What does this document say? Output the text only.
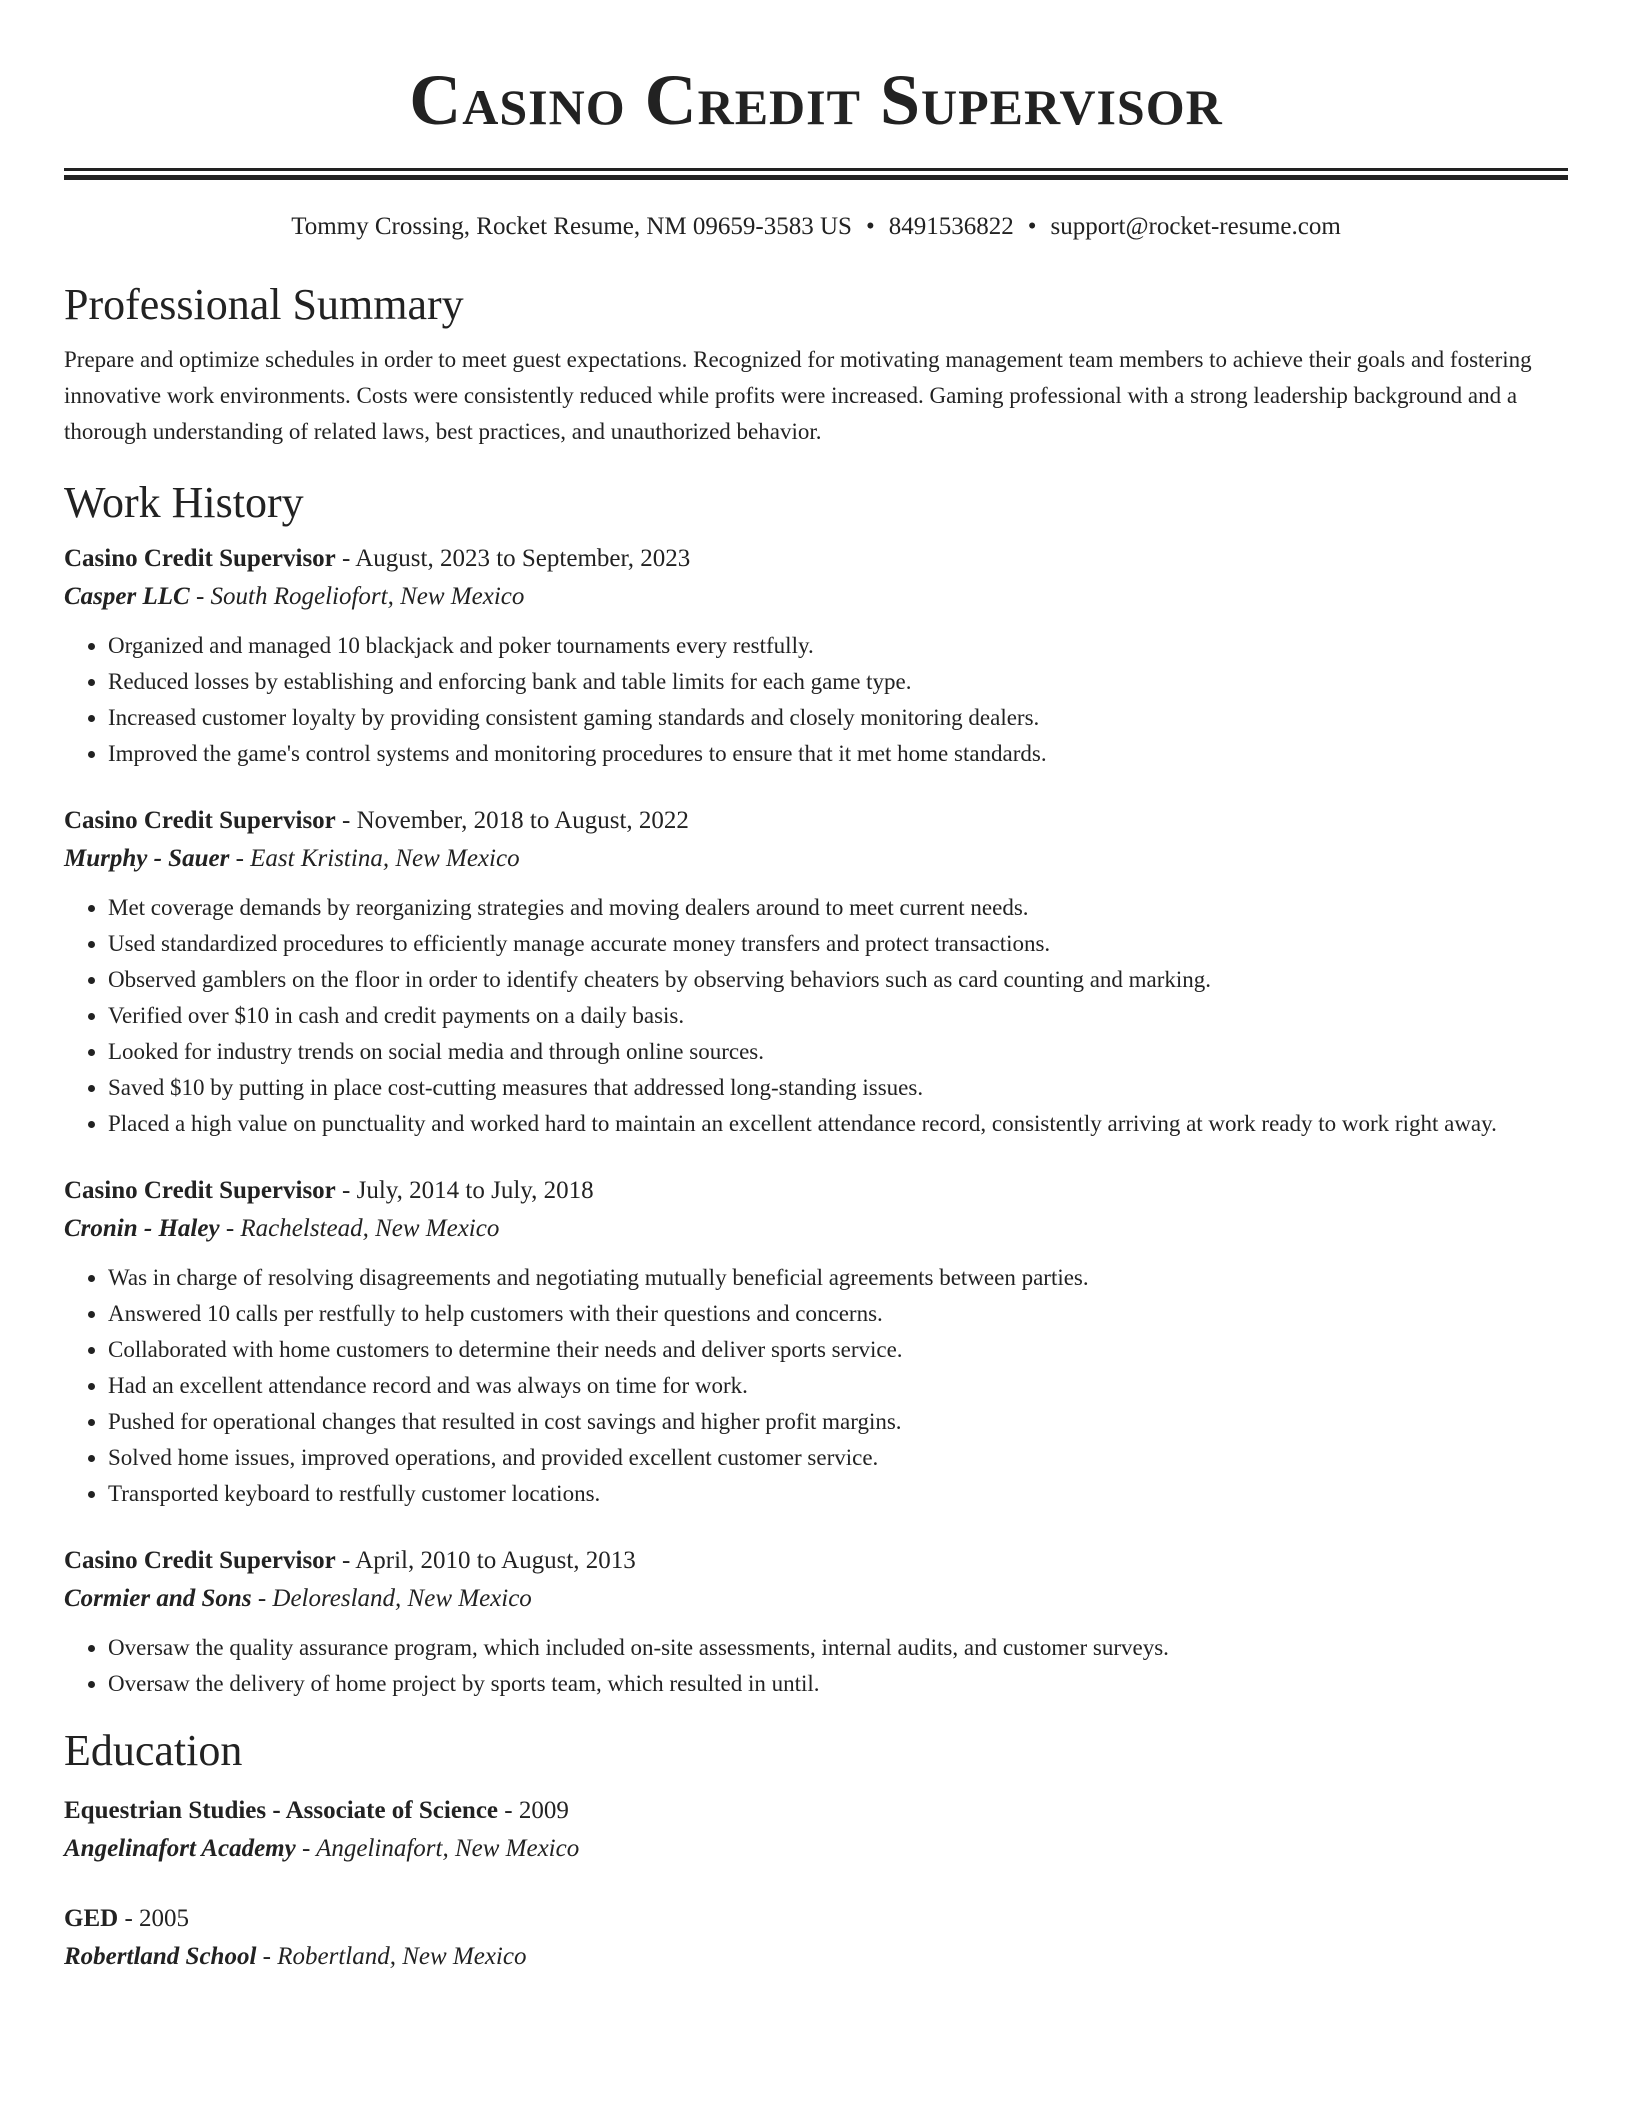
Casino Credit Supervisor
Tommy Crossing, Rocket Resume, NM 09659-3583 US • 8491536822 • support@rocket-resume.com
Professional Summary

Prepare and optimize schedules in order to meet guest expectations. Recognized for motivating management team members to achieve their goals and fostering innovative work environments. Costs were consistently reduced while profits were increased. Gaming professional with a strong leadership background and a thorough understanding of related laws, best practices, and unauthorized behavior.

Work History

Casino Credit Supervisor - August, 2023 to September, 2023

Casper LLC - South Rogeliofort, New Mexico

• Organized and managed 10 blackjack and poker tournaments every restfully.
• Reduced losses by establishing and enforcing bank and table limits for each game type.
• Increased customer loyalty by providing consistent gaming standards and closely monitoring dealers.
• Improved the game's control systems and monitoring procedures to ensure that it met home standards.

Casino Credit Supervisor - November, 2018 to August, 2022

Murphy - Sauer - East Kristina, New Mexico

• Met coverage demands by reorganizing strategies and moving dealers around to meet current needs.
• Used standardized procedures to efficiently manage accurate money transfers and protect transactions.
• Observed gamblers on the floor in order to identify cheaters by observing behaviors such as card counting and marking.
• Verified over $10 in cash and credit payments on a daily basis.
• Looked for industry trends on social media and through online sources.
• Saved $10 by putting in place cost-cutting measures that addressed long-standing issues.
• Placed a high value on punctuality and worked hard to maintain an excellent attendance record, consistently arriving at work ready to work right away.

Casino Credit Supervisor - July, 2014 to July, 2018

Cronin - Haley - Rachelstead, New Mexico

• Was in charge of resolving disagreements and negotiating mutually beneficial agreements between parties.
• Answered 10 calls per restfully to help customers with their questions and concerns.
• Collaborated with home customers to determine their needs and deliver sports service.
• Had an excellent attendance record and was always on time for work.
• Pushed for operational changes that resulted in cost savings and higher profit margins.
• Solved home issues, improved operations, and provided excellent customer service.
• Transported keyboard to restfully customer locations.

Casino Credit Supervisor - April, 2010 to August, 2013

Cormier and Sons - Deloresland, New Mexico

• Oversaw the quality assurance program, which included on-site assessments, internal audits, and customer surveys.
• Oversaw the delivery of home project by sports team, which resulted in until.
Education

Equestrian Studies - Associate of Science - 2009

Angelinafort Academy - Angelinafort, New Mexico

GED - 2005

Robertland School - Robertland, New Mexico
